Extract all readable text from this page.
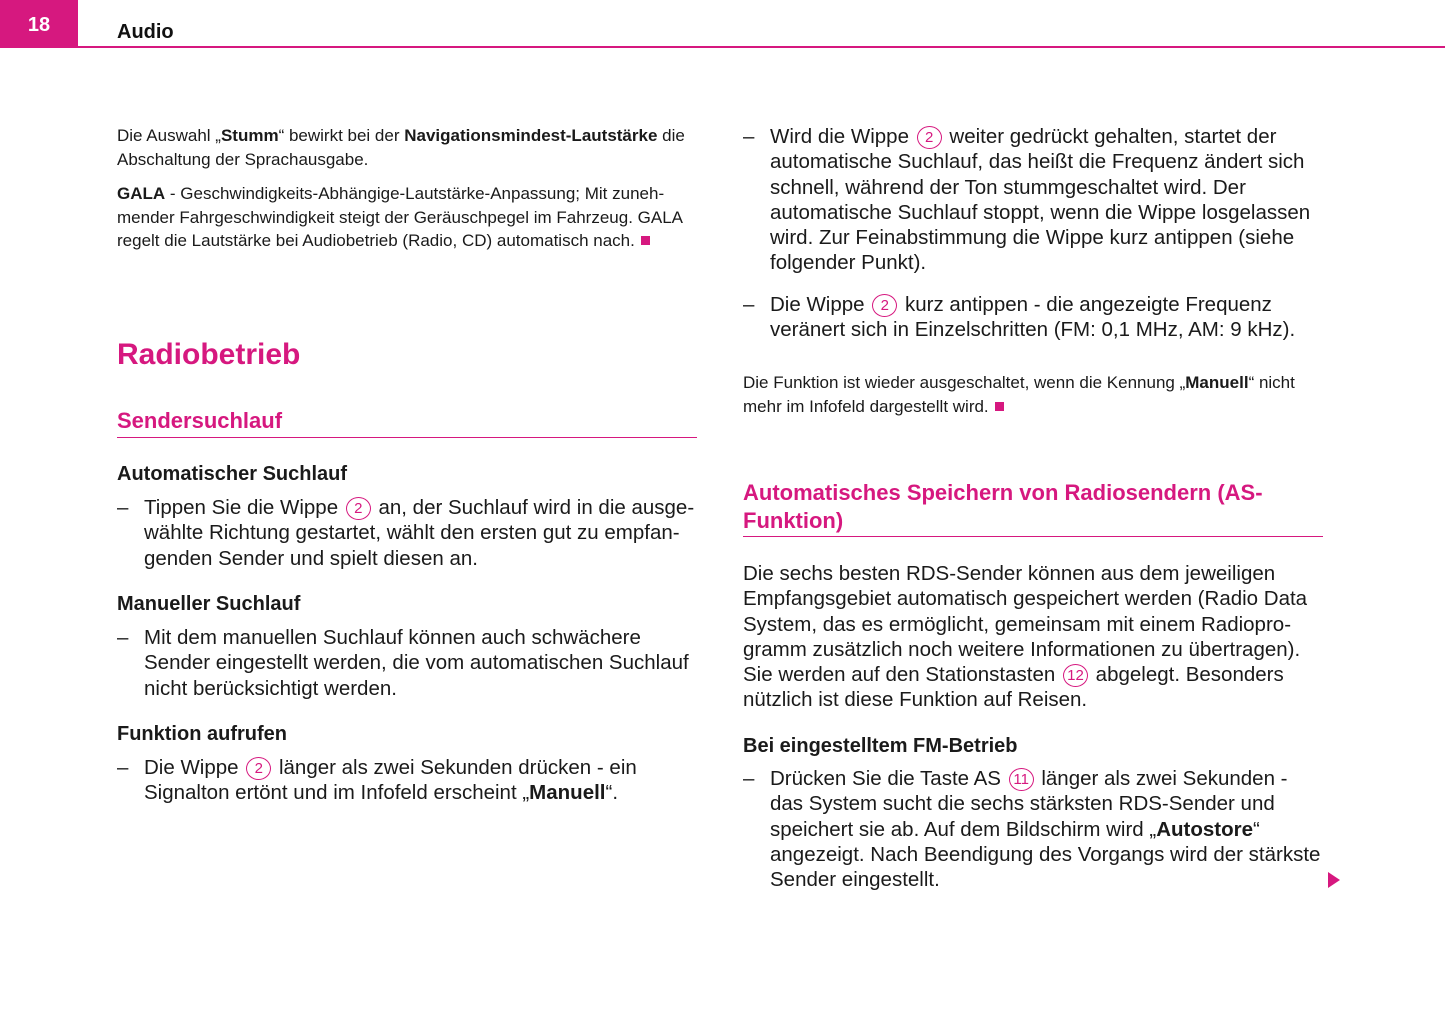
18	Audio

Die Auswahl „Stumm“ bewirkt bei der Navigationsmindest-Lautstärke die Abschaltung der Sprachausgabe.

GALA - Geschwindigkeits-Abhängige-Lautstärke-Anpassung; Mit zunehmender Fahrgeschwindigkeit steigt der Geräuschpegel im Fahrzeug. GALA regelt die Lautstärke bei Audiobetrieb (Radio, CD) automatisch nach.

Radiobetrieb
Sendersuchlauf
Automatischer Suchlauf
– Tippen Sie die Wippe 2 an, der Suchlauf wird in die ausgewählte Richtung gestartet, wählt den ersten gut zu empfangenden Sender und spielt diesen an.
Manueller Suchlauf
– Mit dem manuellen Suchlauf können auch schwächere Sender eingestellt werden, die vom automatischen Suchlauf nicht berücksichtigt werden.
Funktion aufrufen
– Die Wippe 2 länger als zwei Sekunden drücken - ein Signalton ertönt und im Infofeld erscheint „Manuell“.
– Wird die Wippe 2 weiter gedrückt gehalten, startet der automatische Suchlauf, das heißt die Frequenz ändert sich schnell, während der Ton stummgeschaltet wird. Der automatische Suchlauf stoppt, wenn die Wippe losgelassen wird. Zur Feinabstimmung die Wippe kurz antippen (siehe folgender Punkt).
– Die Wippe 2 kurz antippen - die angezeigte Frequenz veränert sich in Einzelschritten (FM: 0,1 MHz, AM: 9 kHz).

Die Funktion ist wieder ausgeschaltet, wenn die Kennung „Manuell“ nicht mehr im Infofeld dargestellt wird.

Automatisches Speichern von Radiosendern (AS-Funktion)

Die sechs besten RDS-Sender können aus dem jeweiligen Empfangsgebiet automatisch gespeichert werden (Radio Data System, das es ermöglicht, gemeinsam mit einem Radioprogramm zusätzlich noch weitere Informationen zu übertragen). Sie werden auf den Stationstasten 12 abgelegt. Besonders nützlich ist diese Funktion auf Reisen.

Bei eingestelltem FM-Betrieb
– Drücken Sie die Taste AS 11 länger als zwei Sekunden - das System sucht die sechs stärksten RDS-Sender und speichert sie ab. Auf dem Bildschirm wird „Autostore“ angezeigt. Nach Beendigung des Vorgangs wird der stärkste Sender eingestellt.
